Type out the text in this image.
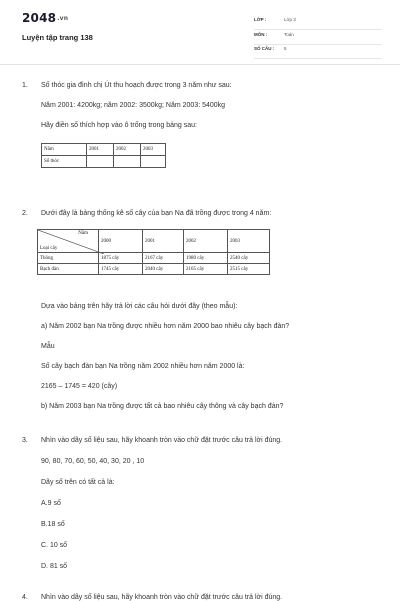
2048.vn
Luyện tập trang 138
LỚP :	Lớp 3
MÔN :	Toán
SỐ CÂU : 5
1. Số thóc gia đình chị Út thu hoạch được trong 3 năm như sau:
Năm 2001: 4200kg; năm 2002: 3500kg; Năm 2003: 5400kg
Hãy điền số thích hợp vào ô trống trong bảng sau:
Năm	2001	2002	2003
Số thóc			
2. Dưới đây là bảng thống kê số cây của bạn Na đã trồng được trong 4 năm:
Năm
Loại cây	2000	2001	2002	2003

Thông	1875 cây	2167 cây	1980 cây	2540 cây
Bạch đàn	1745 cây	2040 cây	2165 cây	2515 cây
Dựa vào bảng trên hãy trả lời các câu hỏi dưới đây (theo mẫu):
a) Năm 2002 bạn Na trồng được nhiều hơn năm 2000 bao nhiêu cây bạch đàn?
Mẫu
Số cây bạch đàn bạn Na trồng năm 2002 nhiều hơn năm 2000 là:
2165 – 1745 = 420 (cây)
b) Năm 2003 bạn Na trồng được tất cả bao nhiêu cây thông và cây bạch đàn?
3. Nhìn vào dãy số liệu sau, hãy khoanh tròn vào chữ đặt trước câu trả lời đúng.
90, 80, 70, 60, 50, 40, 30, 20 , 10
Dãy số trên có tất cả là:
A.9 số
B.18 số
C. 10 số
D. 81 số
4. Nhìn vào dãy số liệu sau, hãy khoanh tròn vào chữ đặt trước câu trả lời đúng.
